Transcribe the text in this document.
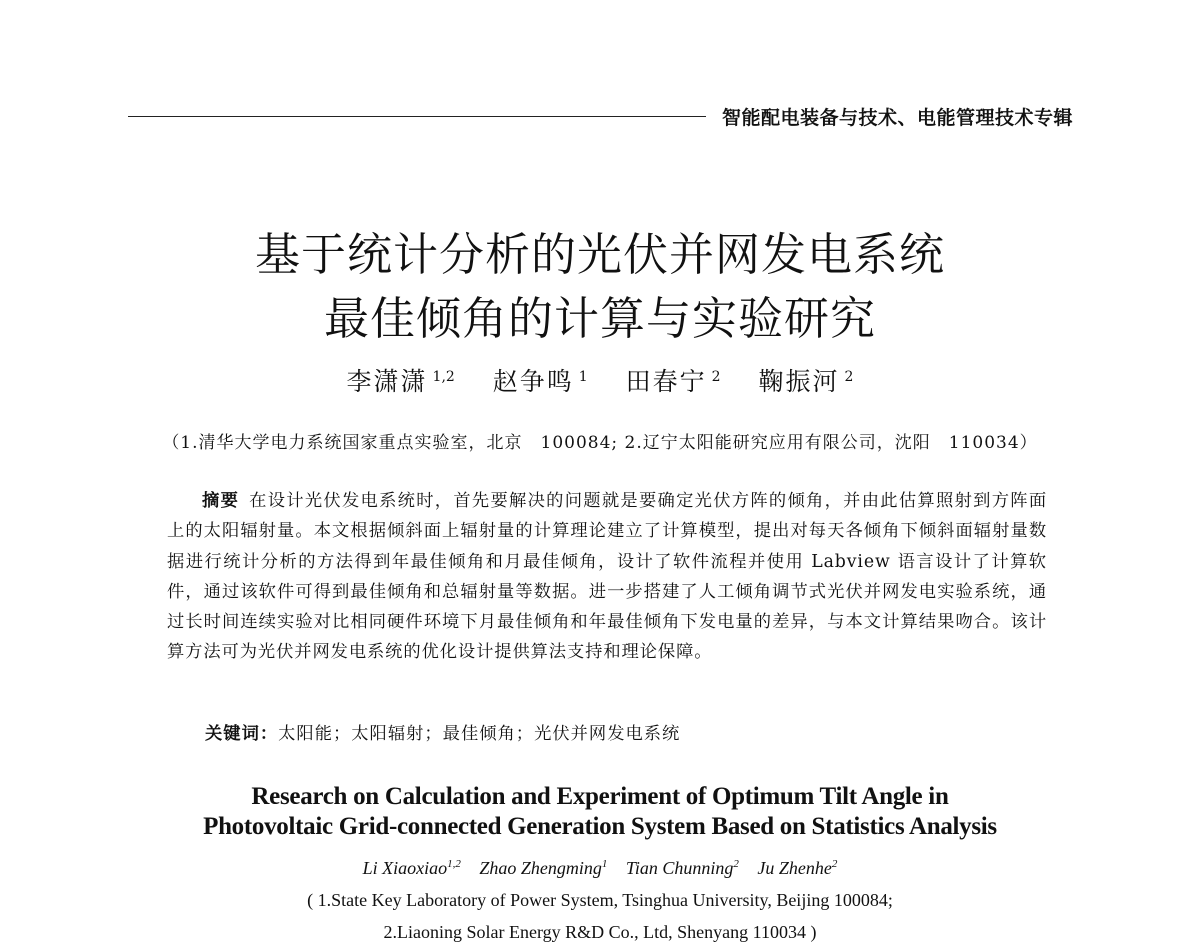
智能配电装备与技术、电能管理技术专辑
基于统计分析的光伏并网发电系统
最佳倾角的计算与实验研究
李潇潇 $^{1,2}$ 赵争鸣 $^1$ 田春宁 $^2$ 鞠振河 $^2$
（1.清华大学电力系统国家重点实验室，北京　100084; 2.辽宁太阳能研究应用有限公司，沈阳　110034）
摘要 在设计光伏发电系统时，首先要解决的问题就是要确定光伏方阵的倾角，并由此估算照射到方阵面上的太阳辐射量。本文根据倾斜面上辐射量的计算理论建立了计算模型，提出对每天各倾角下倾斜面辐射量数据进行统计分析的方法得到年最佳倾角和月最佳倾角，设计了软件流程并使用 Labview 语言设计了计算软件，通过该软件可得到最佳倾角和总辐射量等数据。进一步搭建了人工倾角调节式光伏并网发电实验系统，通过长时间连续实验对比相同硬件环境下月最佳倾角和年最佳倾角下发电量的差异，与本文计算结果吻合。该计算方法可为光伏并网发电系统的优化设计提供算法支持和理论保障。
关键词：太阳能；太阳辐射；最佳倾角；光伏并网发电系统
Research on Calculation and Experiment of Optimum Tilt Angle in
Photovoltaic Grid-connected Generation System Based on Statistics Analysis
Li Xiaoxiao$^{1,2}$ Zhao Zhengming$^1$ Tian Chunning$^2$ Ju Zhenhe$^2$
( 1.State Key Laboratory of Power System, Tsinghua University, Beijing 100084;
2.Liaoning Solar Energy R&D Co., Ltd, Shenyang 110034 )
